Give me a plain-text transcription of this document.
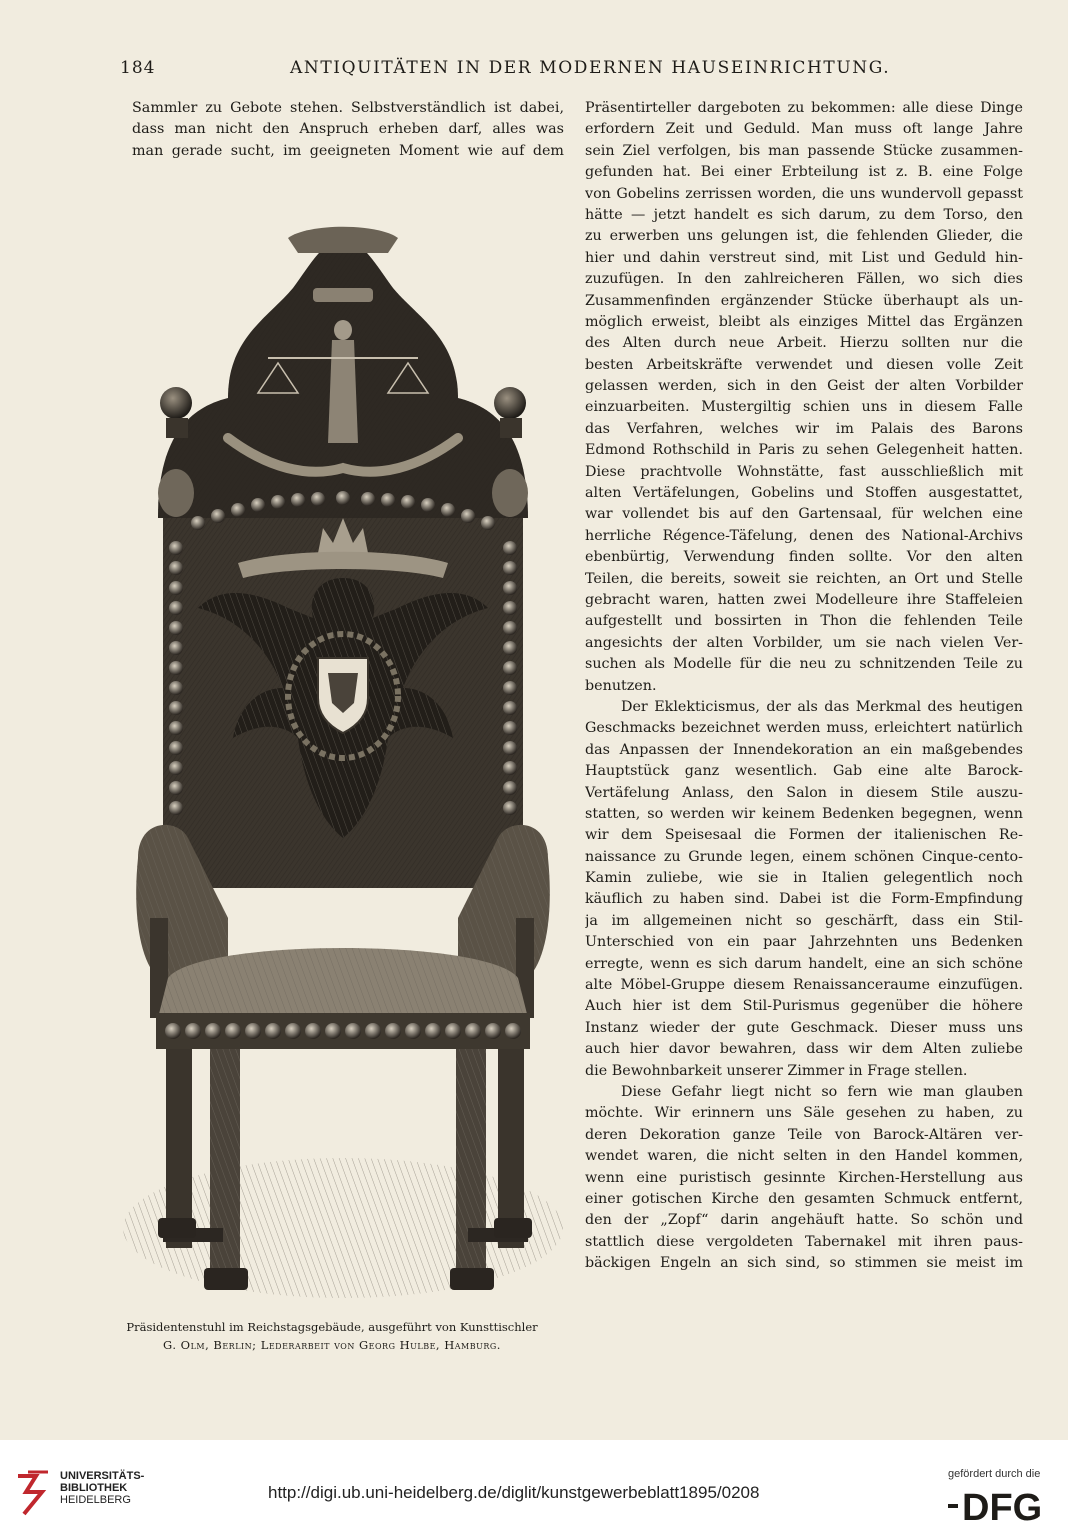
184	ANTIQUITÄTEN IN DER MODERNEN HAUSEINRICHTUNG.
Sammler zu Gebote stehen. Selbstverständlich ist dabei,
dass man nicht den Anspruch erheben darf, alles was
man gerade sucht, im geeigneten Moment wie auf dem
Präsidentenstuhl im Reichstagsgebäude, ausgeführt von Kunsttischler
G. Olm, Berlin; Lederarbeit von Georg Hulbe, Hamburg.
Präsentirteller dargeboten zu bekommen: alle diese Dinge
erfordern Zeit und Geduld. Man muss oft lange Jahre
sein Ziel verfolgen, bis man passende Stücke zusammen-
gefunden hat. Bei einer Erbteilung ist z. B. eine Folge
von Gobelins zerrissen worden, die uns wundervoll gepasst
hätte — jetzt handelt es sich darum, zu dem Torso, den
zu erwerben uns gelungen ist, die fehlenden Glieder, die
hier und dahin verstreut sind, mit List und Geduld hin-
zuzufügen. In den zahlreicheren Fällen, wo sich dies
Zusammenfinden ergänzender Stücke überhaupt als un-
möglich erweist, bleibt als einziges Mittel das Ergänzen
des Alten durch neue Arbeit. Hierzu sollten nur die
besten Arbeitskräfte verwendet und diesen volle Zeit
gelassen werden, sich in den Geist der alten Vorbilder
einzuarbeiten. Mustergiltig schien uns in diesem Falle
das Verfahren, welches wir im Palais des Barons
Edmond Rothschild in Paris zu sehen Gelegenheit hatten.
Diese prachtvolle Wohnstätte, fast ausschließlich mit
alten Vertäfelungen, Gobelins und Stoffen ausgestattet,
war vollendet bis auf den Gartensaal, für welchen eine
herrliche Régence-Täfelung, denen des National-Archivs
ebenbürtig, Verwendung finden sollte. Vor den alten
Teilen, die bereits, soweit sie reichten, an Ort und Stelle
gebracht waren, hatten zwei Modelleure ihre Staffeleien
aufgestellt und bossirten in Thon die fehlenden Teile
angesichts der alten Vorbilder, um sie nach vielen Ver-
suchen als Modelle für die neu zu schnitzenden Teile zu
benutzen.
Der Eklekticismus, der als das Merkmal des heutigen
Geschmacks bezeichnet werden muss, erleichtert natürlich
das Anpassen der Innendekoration an ein maßgebendes
Hauptstück ganz wesentlich. Gab eine alte Barock-
Vertäfelung Anlass, den Salon in diesem Stile auszu-
statten, so werden wir keinem Bedenken begegnen, wenn
wir dem Speisesaal die Formen der italienischen Re-
naissance zu Grunde legen, einem schönen Cinque-cento-
Kamin zuliebe, wie sie in Italien gelegentlich noch
käuflich zu haben sind. Dabei ist die Form-Empfindung
ja im allgemeinen nicht so geschärft, dass ein Stil-
Unterschied von ein paar Jahrzehnten uns Bedenken
erregte, wenn es sich darum handelt, eine an sich schöne
alte Möbel-Gruppe diesem Renaissanceraume einzufügen.
Auch hier ist dem Stil-Purismus gegenüber die höhere
Instanz wieder der gute Geschmack. Dieser muss uns
auch hier davor bewahren, dass wir dem Alten zuliebe
die Bewohnbarkeit unserer Zimmer in Frage stellen.
Diese Gefahr liegt nicht so fern wie man glauben
möchte. Wir erinnern uns Säle gesehen zu haben, zu
deren Dekoration ganze Teile von Barock-Altären ver-
wendet waren, die nicht selten in den Handel kommen,
wenn eine puristisch gesinnte Kirchen-Herstellung aus
einer gotischen Kirche den gesamten Schmuck entfernt,
den der „Zopf“ darin angehäuft hatte. So schön und
stattlich diese vergoldeten Tabernakel mit ihren paus-
bäckigen Engeln an sich sind, so stimmen sie meist im
UNIVERSITÄTS-
BIBLIOTHEK
HEIDELBERG	http://digi.ub.uni-heidelberg.de/diglit/kunstgewerbeblatt1895/0208
gefördert durch die
DFG
